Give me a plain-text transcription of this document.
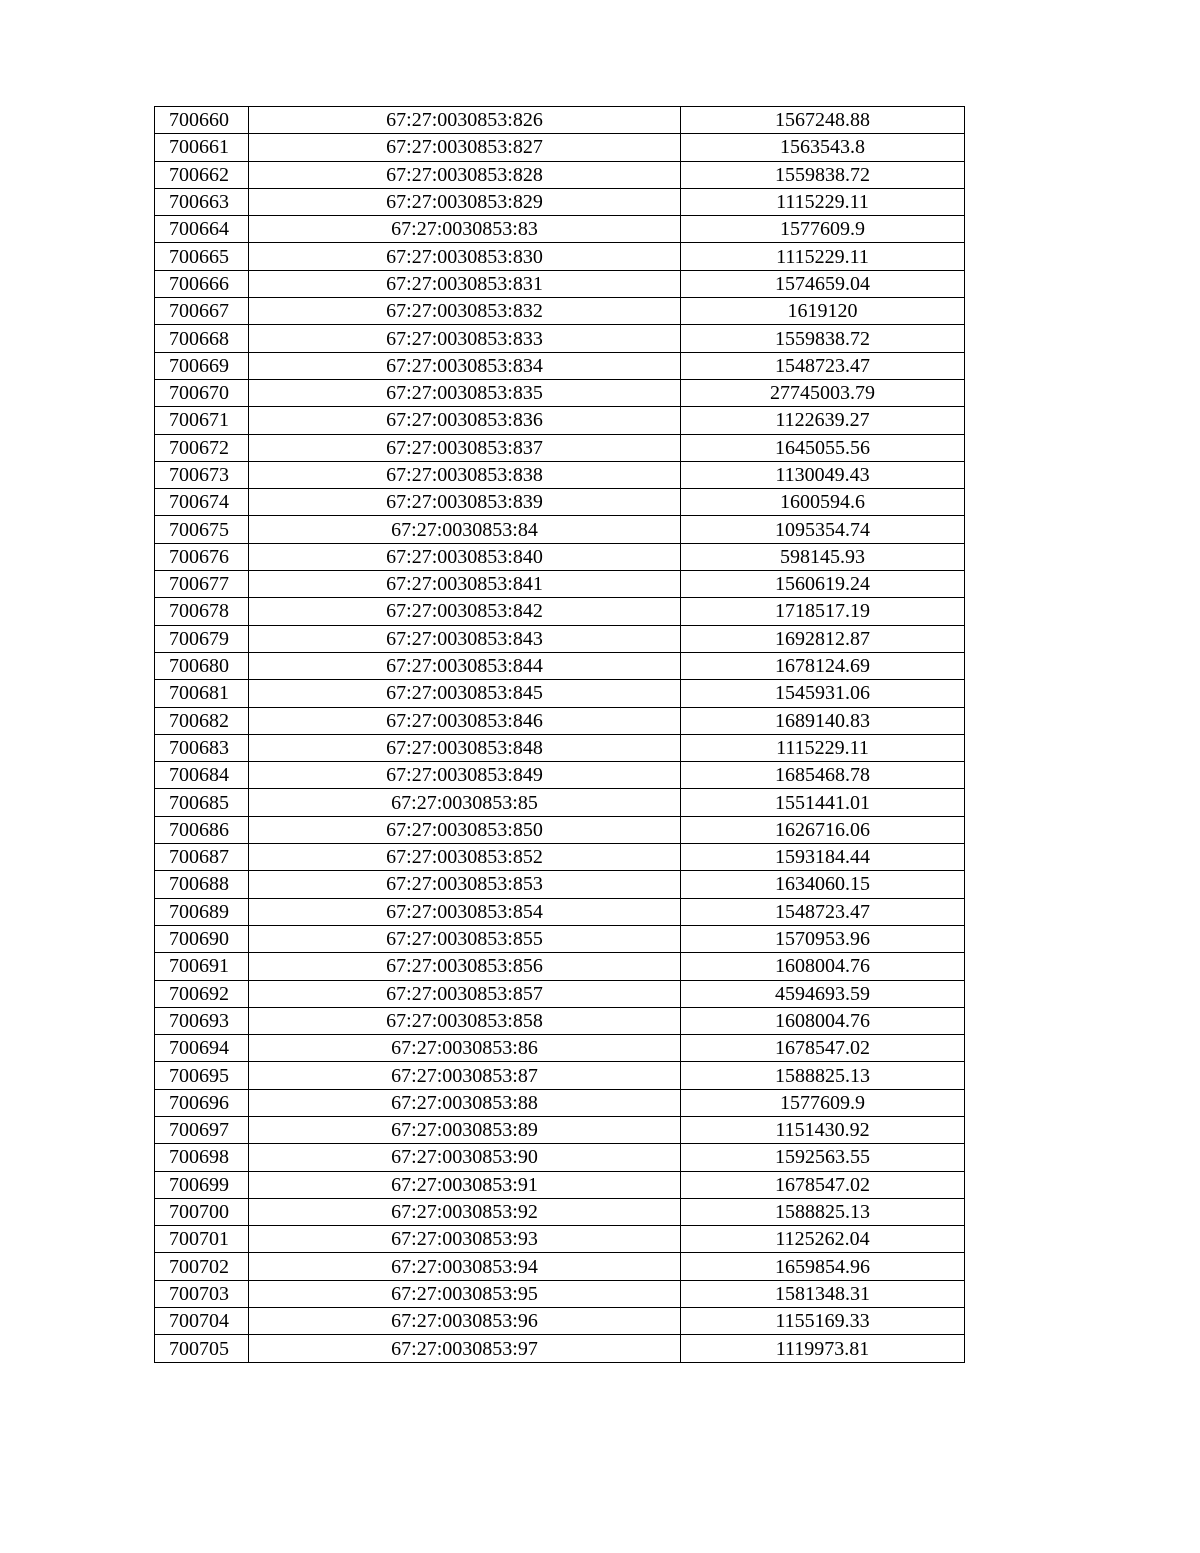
700660	67:27:0030853:826	1567248.88
700661	67:27:0030853:827	1563543.8
700662	67:27:0030853:828	1559838.72
700663	67:27:0030853:829	1115229.11
700664	67:27:0030853:83	1577609.9
700665	67:27:0030853:830	1115229.11
700666	67:27:0030853:831	1574659.04
700667	67:27:0030853:832	1619120
700668	67:27:0030853:833	1559838.72
700669	67:27:0030853:834	1548723.47
700670	67:27:0030853:835	27745003.79
700671	67:27:0030853:836	1122639.27
700672	67:27:0030853:837	1645055.56
700673	67:27:0030853:838	1130049.43
700674	67:27:0030853:839	1600594.6
700675	67:27:0030853:84	1095354.74
700676	67:27:0030853:840	598145.93
700677	67:27:0030853:841	1560619.24
700678	67:27:0030853:842	1718517.19
700679	67:27:0030853:843	1692812.87
700680	67:27:0030853:844	1678124.69
700681	67:27:0030853:845	1545931.06
700682	67:27:0030853:846	1689140.83
700683	67:27:0030853:848	1115229.11
700684	67:27:0030853:849	1685468.78
700685	67:27:0030853:85	1551441.01
700686	67:27:0030853:850	1626716.06
700687	67:27:0030853:852	1593184.44
700688	67:27:0030853:853	1634060.15
700689	67:27:0030853:854	1548723.47
700690	67:27:0030853:855	1570953.96
700691	67:27:0030853:856	1608004.76
700692	67:27:0030853:857	4594693.59
700693	67:27:0030853:858	1608004.76
700694	67:27:0030853:86	1678547.02
700695	67:27:0030853:87	1588825.13
700696	67:27:0030853:88	1577609.9
700697	67:27:0030853:89	1151430.92
700698	67:27:0030853:90	1592563.55
700699	67:27:0030853:91	1678547.02
700700	67:27:0030853:92	1588825.13
700701	67:27:0030853:93	1125262.04
700702	67:27:0030853:94	1659854.96
700703	67:27:0030853:95	1581348.31
700704	67:27:0030853:96	1155169.33
700705	67:27:0030853:97	1119973.81
